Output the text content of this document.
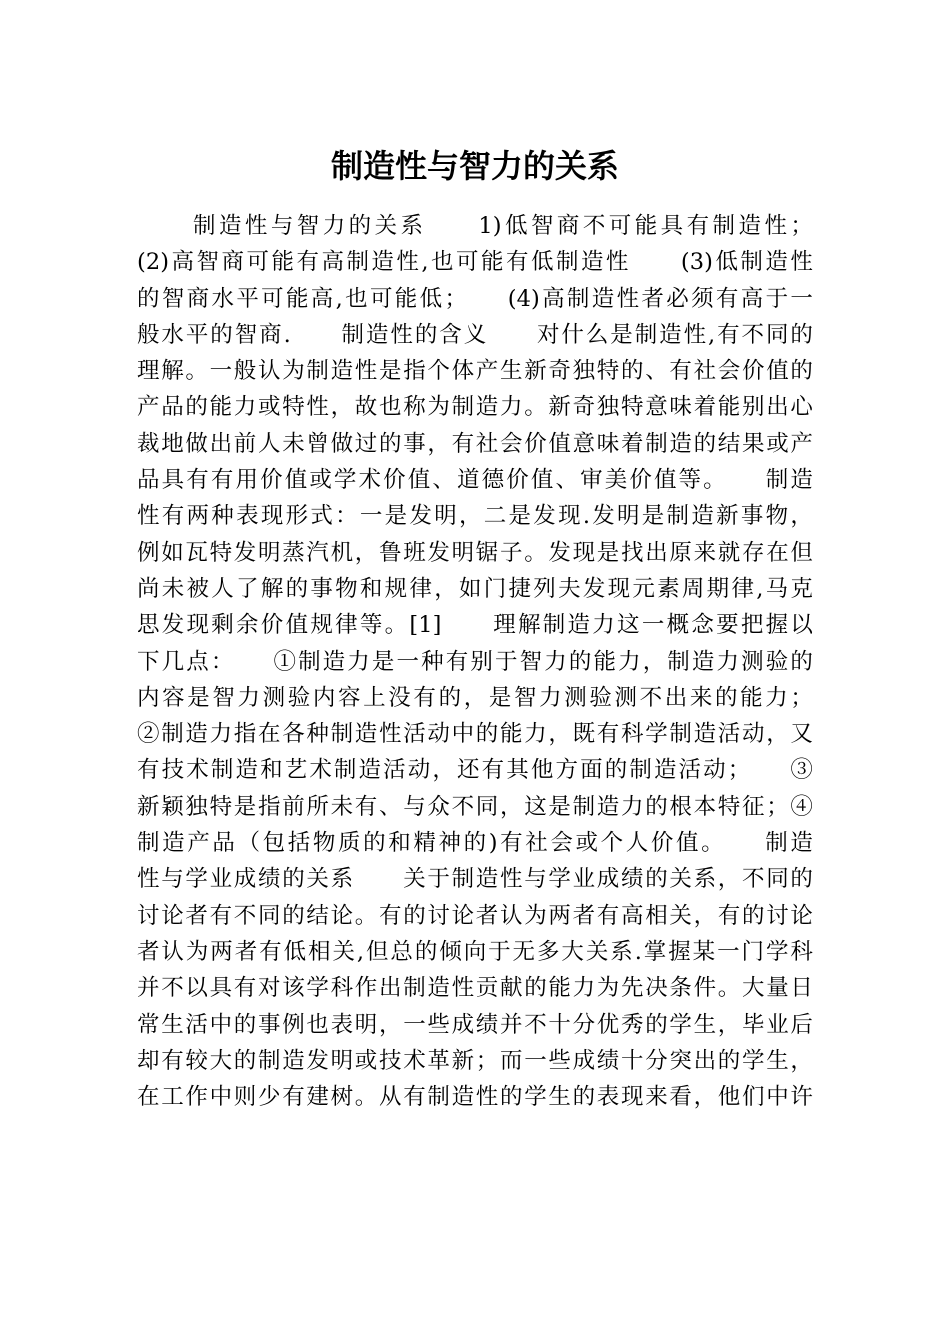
制造性与智力的关系
制造性与智力的关系　　1)低智商不可能具有制造性；
(2)高智商可能有高制造性,也可能有低制造性　　(3)低制造性
的智商水平可能高,也可能低；　　(4)高制造性者必须有高于一
般水平的智商.　　制造性的含义　　对什么是制造性,有不同的
理解。一般认为制造性是指个体产生新奇独特的、有社会价值的
产品的能力或特性，故也称为制造力。新奇独特意味着能别出心
裁地做出前人未曾做过的事，有社会价值意味着制造的结果或产
品具有有用价值或学术价值、道德价值、审美价值等。　　制造
性有两种表现形式：一是发明，二是发现.发明是制造新事物，
例如瓦特发明蒸汽机，鲁班发明锯子。发现是找出原来就存在但
尚未被人了解的事物和规律，如门捷列夫发现元素周期律,马克
思发现剩余价值规律等。[1]　　理解制造力这一概念要把握以
下几点：　　①制造力是一种有别于智力的能力，制造力测验的
内容是智力测验内容上没有的，是智力测验测不出来的能力；
②制造力指在各种制造性活动中的能力，既有科学制造活动，又
有技术制造和艺术制造活动，还有其他方面的制造活动；　　③
新颖独特是指前所未有、与众不同，这是制造力的根本特征；④
制造产品（包括物质的和精神的)有社会或个人价值。　　制造
性与学业成绩的关系　　关于制造性与学业成绩的关系，不同的
讨论者有不同的结论。有的讨论者认为两者有高相关，有的讨论
者认为两者有低相关,但总的倾向于无多大关系.掌握某一门学科
并不以具有对该学科作出制造性贡献的能力为先决条件。大量日
常生活中的事例也表明，一些成绩并不十分优秀的学生，毕业后
却有较大的制造发明或技术革新；而一些成绩十分突出的学生，
在工作中则少有建树。从有制造性的学生的表现来看，他们中许
